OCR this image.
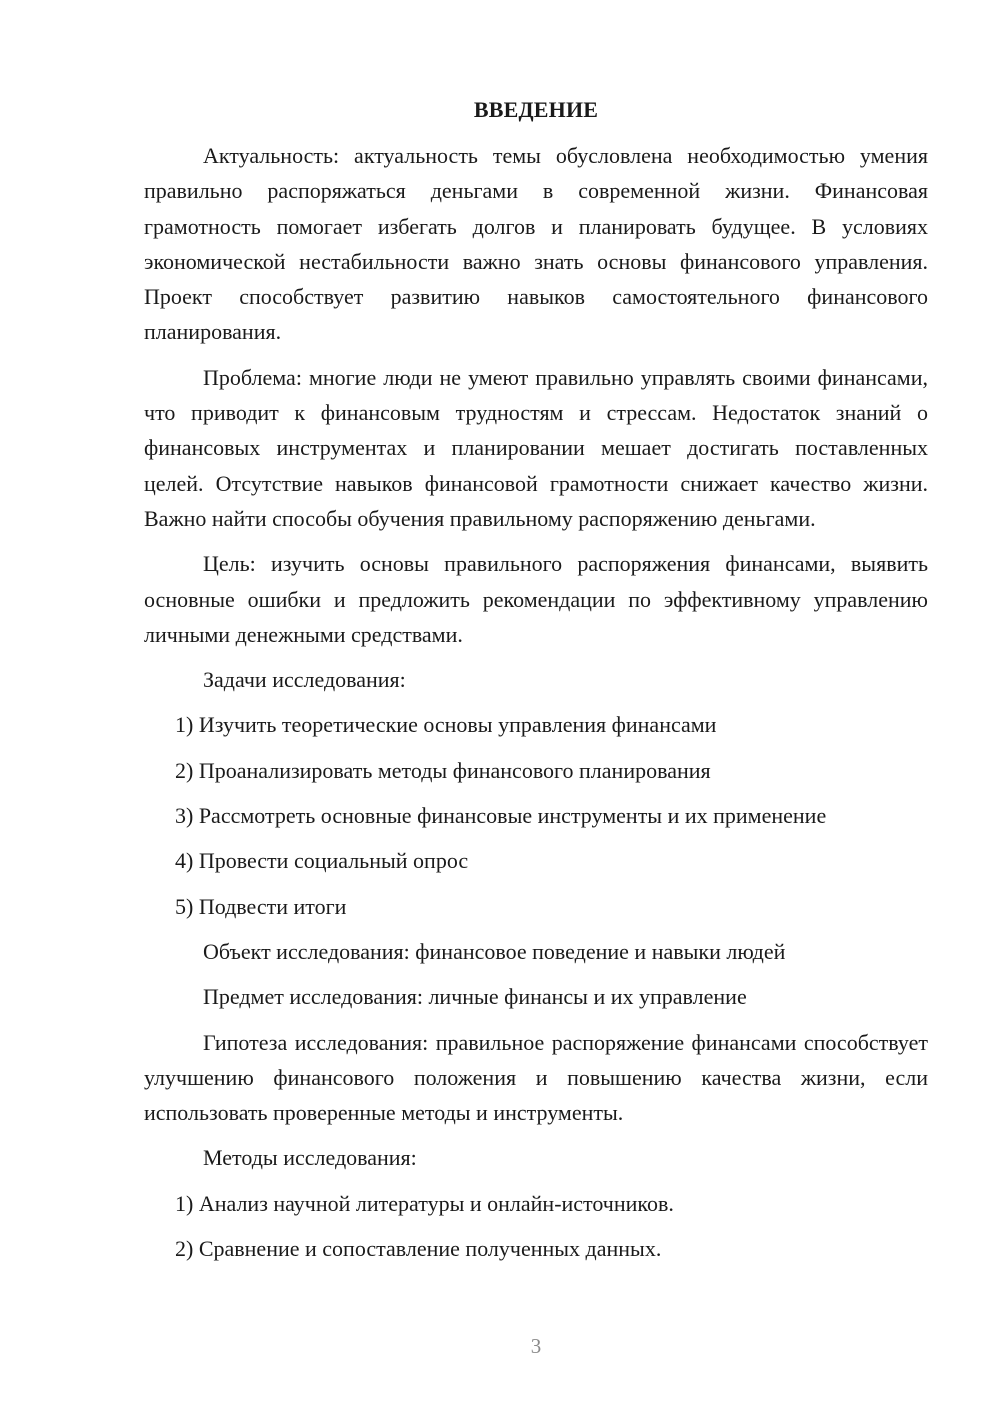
ВВЕДЕНИЕ
Актуальность: актуальность темы обусловлена необходимостью умения правильно распоряжаться деньгами в современной жизни. Финансовая грамотность помогает избегать долгов и планировать будущее. В условиях экономической нестабильности важно знать основы финансового управления. Проект способствует развитию навыков самостоятельного финансового планирования.
Проблема: многие люди не умеют правильно управлять своими финансами, что приводит к финансовым трудностям и стрессам. Недостаток знаний о финансовых инструментах и планировании мешает достигать поставленных целей. Отсутствие навыков финансовой грамотности снижает качество жизни. Важно найти способы обучения правильному распоряжению деньгами.
Цель: изучить основы правильного распоряжения финансами, выявить основные ошибки и предложить рекомендации по эффективному управлению личными денежными средствами.
Задачи исследования:
1) Изучить теоретические основы управления финансами
2) Проанализировать методы финансового планирования
3) Рассмотреть основные финансовые инструменты и их применение
4) Провести социальный опрос
5) Подвести итоги
Объект исследования: финансовое поведение и навыки людей
Предмет исследования: личные финансы и их управление
Гипотеза исследования: правильное распоряжение финансами способствует улучшению финансового положения и повышению качества жизни, если использовать проверенные методы и инструменты.
Методы исследования:
1) Анализ научной литературы и онлайн-источников.
2) Сравнение и сопоставление полученных данных.
3
